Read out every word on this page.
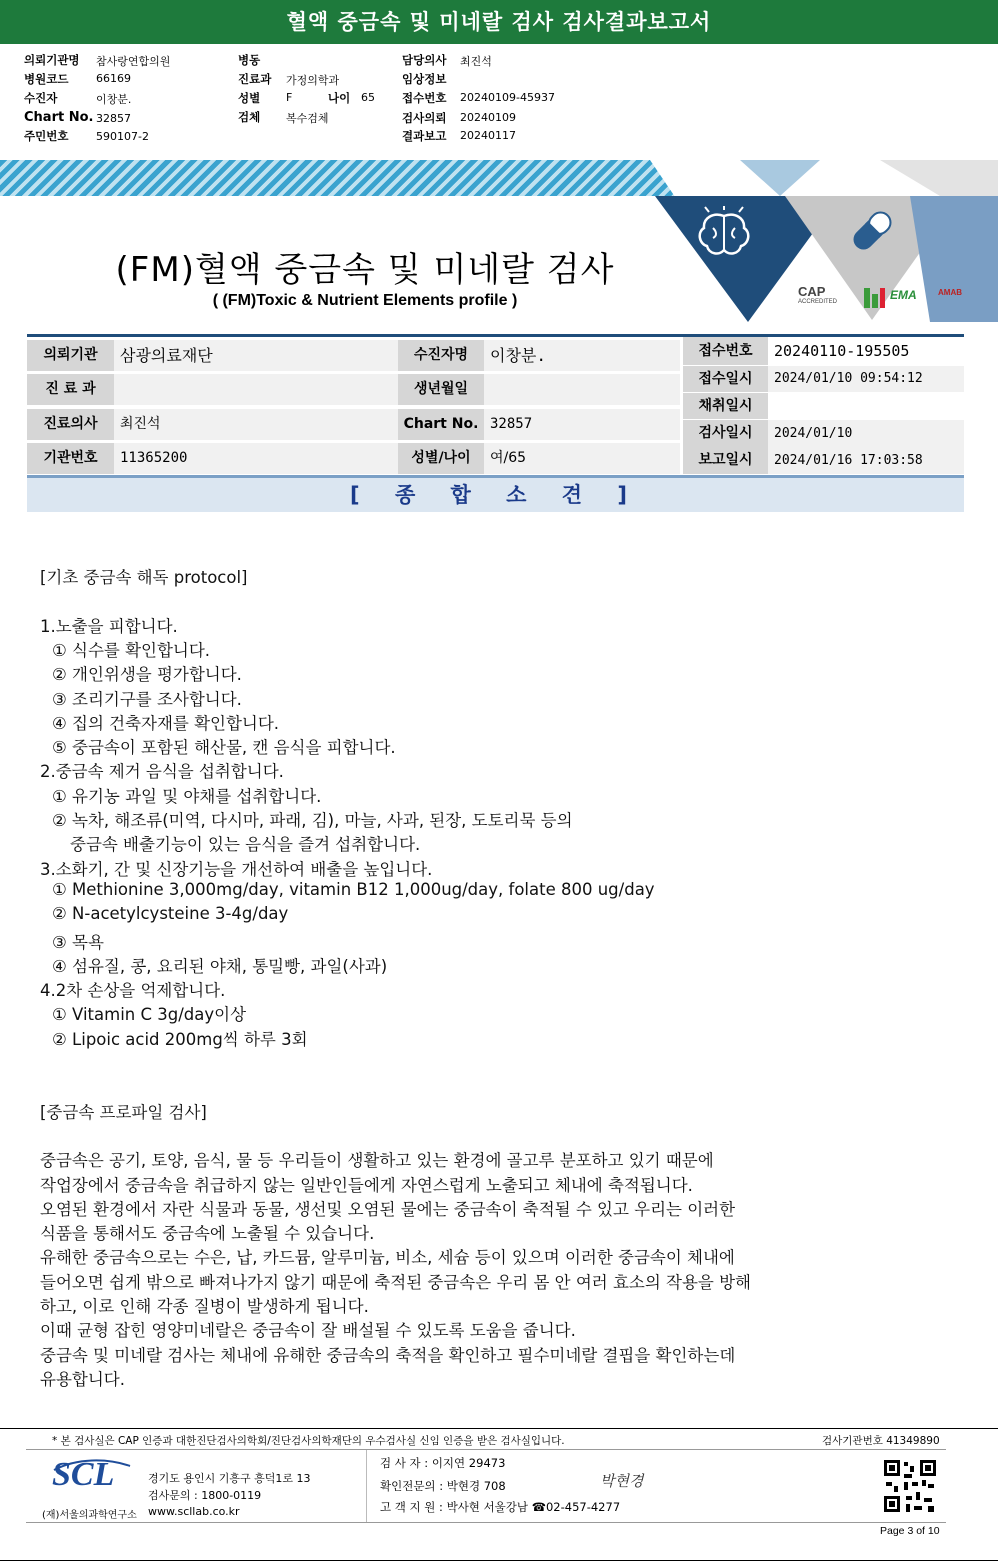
혈액 중금속 및 미네랄 검사 검사결과보고서
의뢰기관명 참사랑연합의원
병원코드	66169
수진자	이창분.
Chart No. 32857
주민번호	590107-2
병동
진료과 가정의학과
성별 F	나이 65
검체 복수검체
담당의사 최진석
임상정보
접수번호 20240109-45937
검사의뢰 20240109
결과보고 20240117
CAP
ACCREDITED	EMA	AMAB
(FM)혈액 중금속 및 미네랄 검사
( (FM)Toxic & Nutrient Elements profile )
의뢰기관	삼광의료재단	수진자명	이창분.
진 료 과	생년월일
진료의사	최진석	Chart No. 32857
기관번호	11365200	성별/나이	여/65
접수번호	20240110-195505
접수일시	2024/01/10 09:54:12
채취일시
검사일시	2024/01/10
보고일시	2024/01/16 17:03:58
[ 종 합 소 견 ]
[기초 중금속 해독 protocol]
1.노출을 피합니다.
① 식수를 확인합니다.
② 개인위생을 평가합니다.
③ 조리기구를 조사합니다.
④ 집의 건축자재를 확인합니다.
⑤ 중금속이 포함된 해산물, 캔 음식을 피합니다.
2.중금속 제거 음식을 섭취합니다.
① 유기농 과일 및 야채를 섭취합니다.
② 녹차, 해조류(미역, 다시마, 파래, 김), 마늘, 사과, 된장, 도토리묵 등의
중금속 배출기능이 있는 음식을 즐겨 섭취합니다.
3.소화기, 간 및 신장기능을 개선하여 배출을 높입니다.
① Methionine 3,000mg/day, vitamin B12 1,000ug/day, folate 800 ug/day
② N-acetylcysteine 3-4g/day
③ 목욕
④ 섬유질, 콩, 요리된 야채, 통밀빵, 과일(사과)
4.2차 손상을 억제합니다.
① Vitamin C 3g/day이상
② Lipoic acid 200mg씩 하루 3회
[중금속 프로파일 검사]
중금속은 공기, 토양, 음식, 물 등 우리들이 생활하고 있는 환경에 골고루 분포하고 있기 때문에
작업장에서 중금속을 취급하지 않는 일반인들에게 자연스럽게 노출되고 체내에 축적됩니다.
오염된 환경에서 자란 식물과 동물, 생선및 오염된 물에는 중금속이 축적될 수 있고 우리는 이러한
식품을 통해서도 중금속에 노출될 수 있습니다.
유해한 중금속으로는 수은, 납, 카드뮴, 알루미늄, 비소, 세슘 등이 있으며 이러한 중금속이 체내에
들어오면 쉽게 밖으로 빠져나가지 않기 때문에 축적된 중금속은 우리 몸 안 여러 효소의 작용을 방해
하고, 이로 인해 각종 질병이 발생하게 됩니다.
이때 균형 잡힌 영양미네랄은 중금속이 잘 배설될 수 있도록 도움을 줍니다.
중금속 및 미네랄 검사는 체내에 유해한 중금속의 축적을 확인하고 필수미네랄 결핍을 확인하는데
유용합니다.
* 본 검사실은 CAP 인증과 대한진단검사의학회/진단검사의학재단의 우수검사실 신임 인증을 받은 검사실입니다.	검사기관번호 41349890
SCL
(재)서울의과학연구소
경기도 용인시 기흥구 흥덕1로 13
검사문의 : 1800-0119
www.scllab.co.kr
검 사 자 : 이지연 29473
확인전문의 : 박현경 708
고 객 지 원 : 박사현 서울강남 ☎02-457-4277
박현경
Page 3 of 10
